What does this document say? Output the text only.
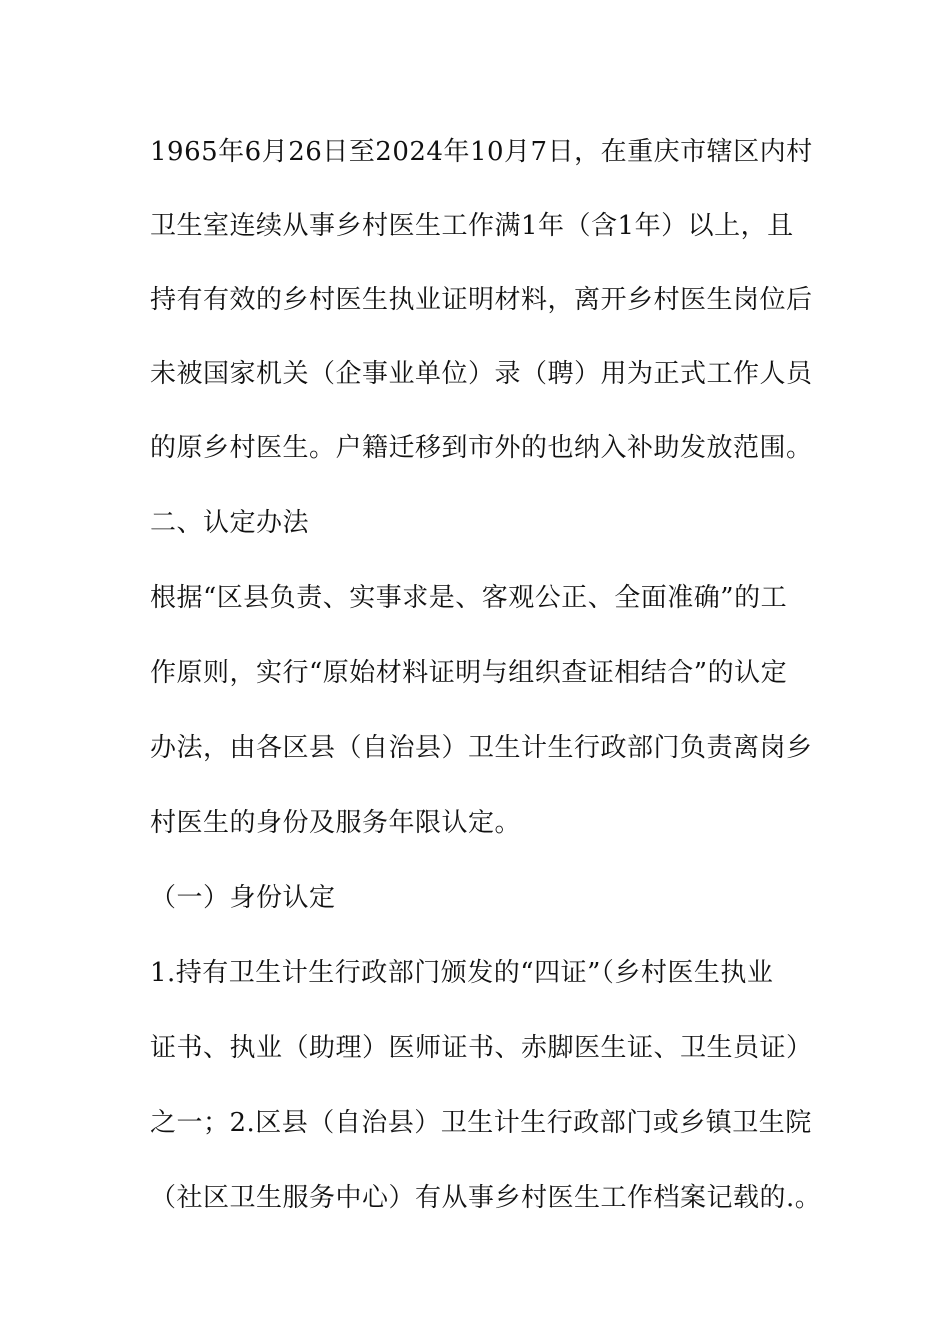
1965年6月26日至2024年10月7日，在重庆市辖区内村

卫生室连续从事乡村医生工作满1年（含1年）以上，且

持有有效的乡村医生执业证明材料，离开乡村医生岗位后

未被国家机关（企事业单位）录（聘）用为正式工作人员

的原乡村医生。户籍迁移到市外的也纳入补助发放范围。

二、认定办法

根据“区县负责、实事求是、客观公正、全面准确”的工

作原则，实行“原始材料证明与组织查证相结合”的认定

办法，由各区县（自治县）卫生计生行政部门负责离岗乡

村医生的身份及服务年限认定。

（一）身份认定

1.持有卫生计生行政部门颁发的“四证”（乡村医生执业

证书、执业（助理）医师证书、赤脚医生证、卫生员证）

之一；2.区县（自治县）卫生计生行政部门或乡镇卫生院

（社区卫生服务中心）有从事乡村医生工作档案记载的.。
